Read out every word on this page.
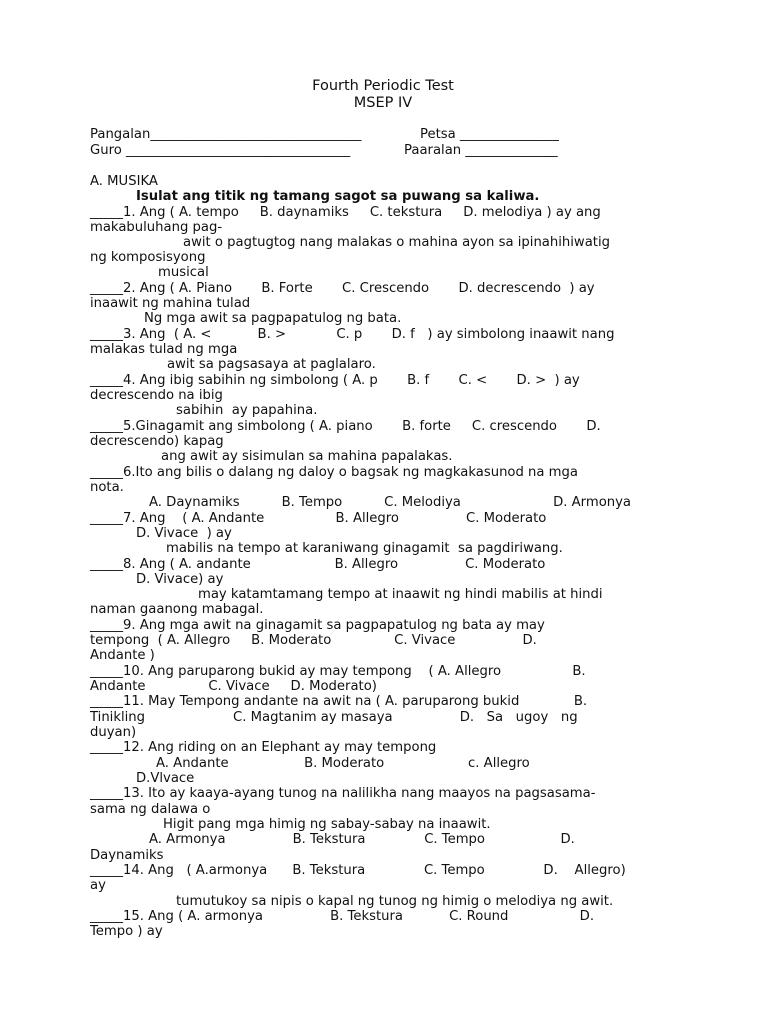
Fourth Periodic Test
MSEP IV
Pangalan________________________________	Petsa _______________
Guro __________________________________	Paaralan ______________
A. MUSIKA
Isulat ang titik ng tamang sagot sa puwang sa kaliwa.
_____1. Ang ( A. tempo     B. daynamiks     C. tekstura     D. melodiya ) ay ang
makabuluhang pag-
awit o pagtugtog nang malakas o mahina ayon sa ipinahihiwatig
ng komposisyong
musical
_____2. Ang ( A. Piano       B. Forte       C. Crescendo       D. decrescendo  ) ay
inaawit ng mahina tulad
Ng mga awit sa pagpapatulog ng bata.
_____3. Ang  ( A. <           B. >            C. p       D. f   ) ay simbolong inaawit nang
malakas tulad ng mga
awit sa pagsasaya at paglalaro.
_____4. Ang ibig sabihin ng simbolong ( A. p       B. f       C. <       D. >  ) ay
decrescendo na ibig
sabihin  ay papahina.
_____5.Ginagamit ang simbolong ( A. piano       B. forte     C. crescendo       D.
decrescendo) kapag
ang awit ay sisimulan sa mahina papalakas.
_____6.Ito ang bilis o dalang ng daloy o bagsak ng magkakasunod na mga
nota.
A. Daynamiks          B. Tempo          C. Melodiya                      D. Armonya
_____7. Ang    ( A. Andante                 B. Allegro                C. Moderato
D. Vivace  ) ay
mabilis na tempo at karaniwang ginagamit  sa pagdiriwang.
_____8. Ang ( A. andante                    B. Allegro                C. Moderato
D. Vivace) ay
may katamtamang tempo at inaawit ng hindi mabilis at hindi
naman gaanong mabagal.
_____9. Ang mga awit na ginagamit sa pagpapatulog ng bata ay may
tempong  ( A. Allegro     B. Moderato               C. Vivace                D.
Andante )
_____10. Ang paruparong bukid ay may tempong    ( A. Allegro                 B.
Andante               C. Vivace     D. Moderato)
_____11. May Tempong andante na awit na ( A. paruparong bukid             B.
Tinikling                     C. Magtanim ay masaya                D.   Sa   ugoy   ng
duyan)
_____12. Ang riding on an Elephant ay may tempong
A. Andante                  B. Moderato                    c. Allegro
D.Vlvace
_____13. Ito ay kaaya-ayang tunog na nalilikha nang maayos na pagsasama-
sama ng dalawa o
Higit pang mga himig ng sabay-sabay na inaawit.
A. Armonya                B. Tekstura              C. Tempo                  D.
Daynamiks
_____14. Ang   ( A.armonya      B. Tekstura              C. Tempo              D.    Allegro)
ay
tumutukoy sa nipis o kapal ng tunog ng himig o melodiya ng awit.
_____15. Ang ( A. armonya                B. Tekstura           C. Round                 D.
Tempo ) ay
